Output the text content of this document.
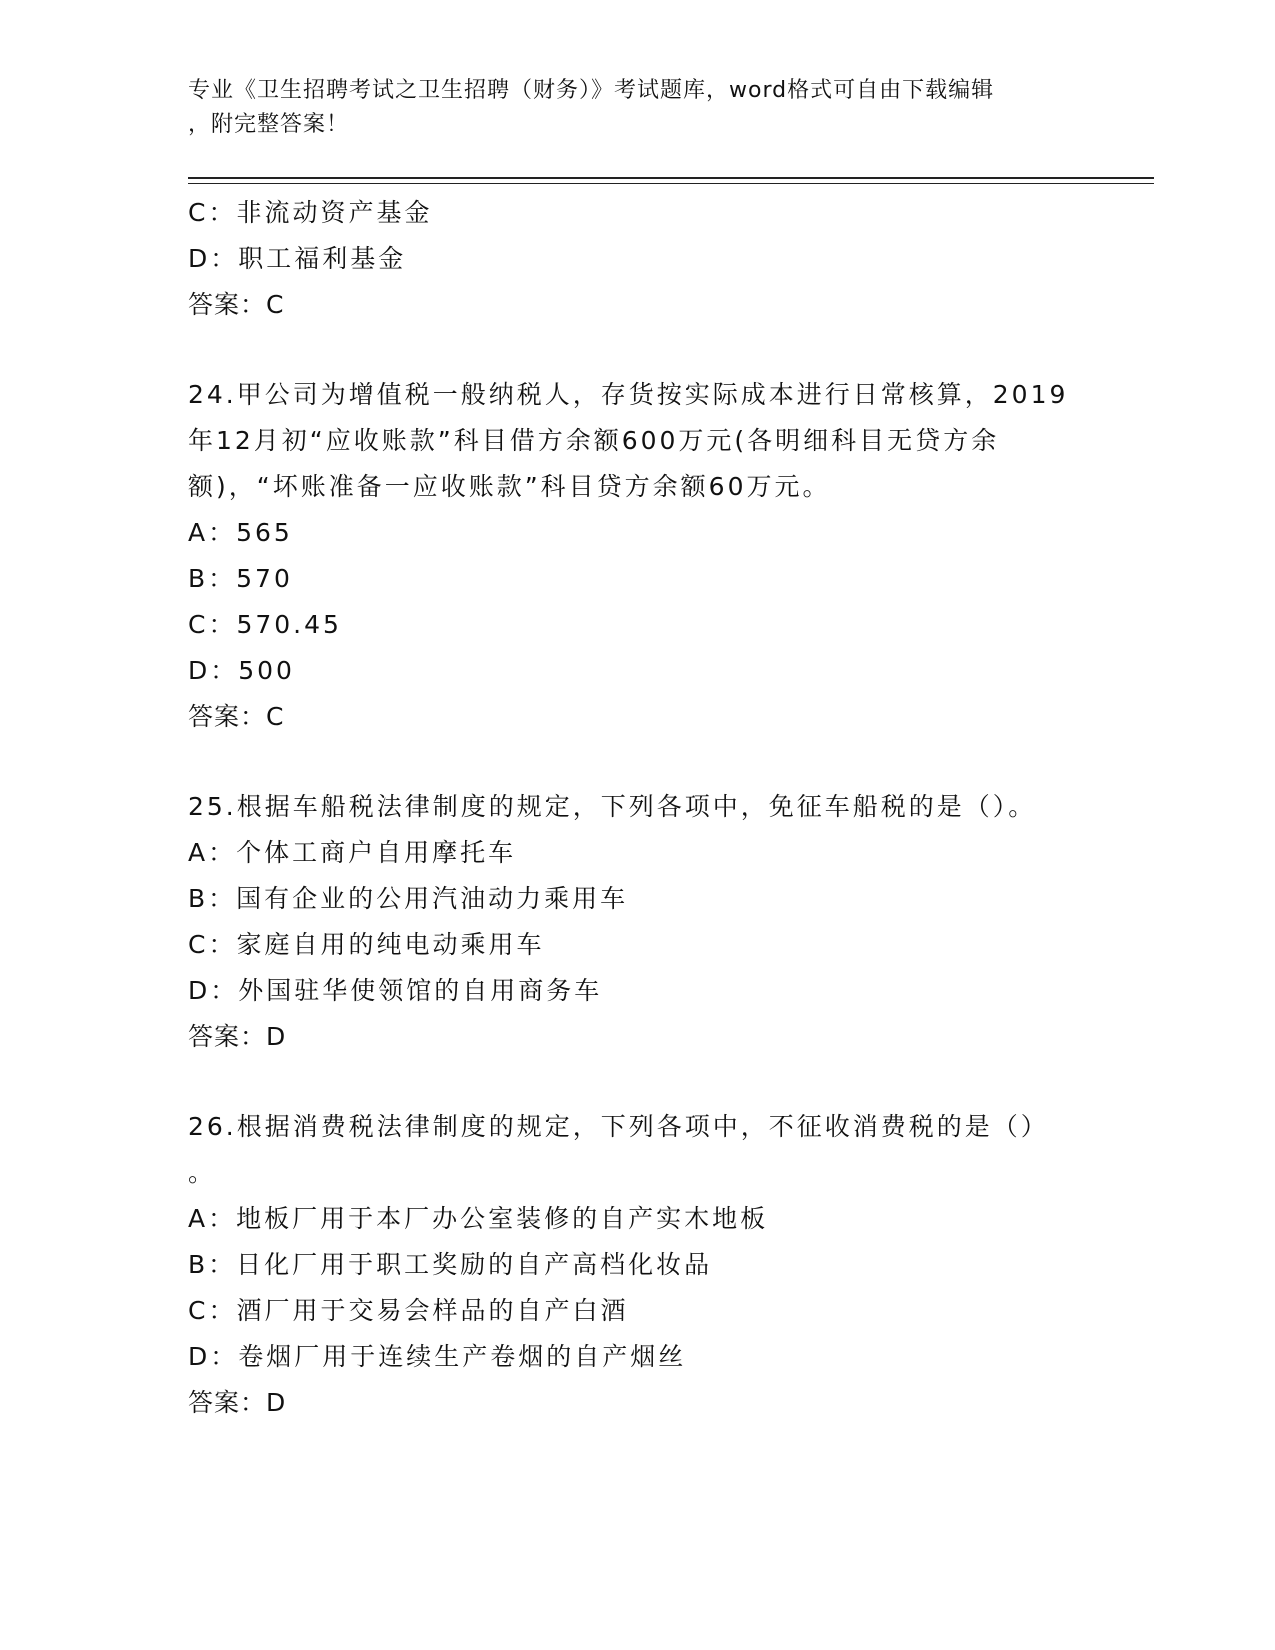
专业《卫生招聘考试之卫生招聘（财务）》考试题库，word格式可自由下载编辑
，附完整答案！
C：非流动资产基金
D：职工福利基金
答案：C
24.甲公司为增值税一般纳税人，存货按实际成本进行日常核算，2019
年12月初“应收账款”科目借方余额600万元(各明细科目无贷方余
额)，“坏账准备一应收账款”科目贷方余额60万元。
A：565
B：570
C：570.45
D：500
答案：C
25.根据车船税法律制度的规定，下列各项中，免征车船税的是（）。
A：个体工商户自用摩托车
B：国有企业的公用汽油动力乘用车
C：家庭自用的纯电动乘用车
D：外国驻华使领馆的自用商务车
答案：D
26.根据消费税法律制度的规定，下列各项中，不征收消费税的是（）
。
A：地板厂用于本厂办公室装修的自产实木地板
B：日化厂用于职工奖励的自产高档化妆品
C：酒厂用于交易会样品的自产白酒
D：卷烟厂用于连续生产卷烟的自产烟丝
答案：D
